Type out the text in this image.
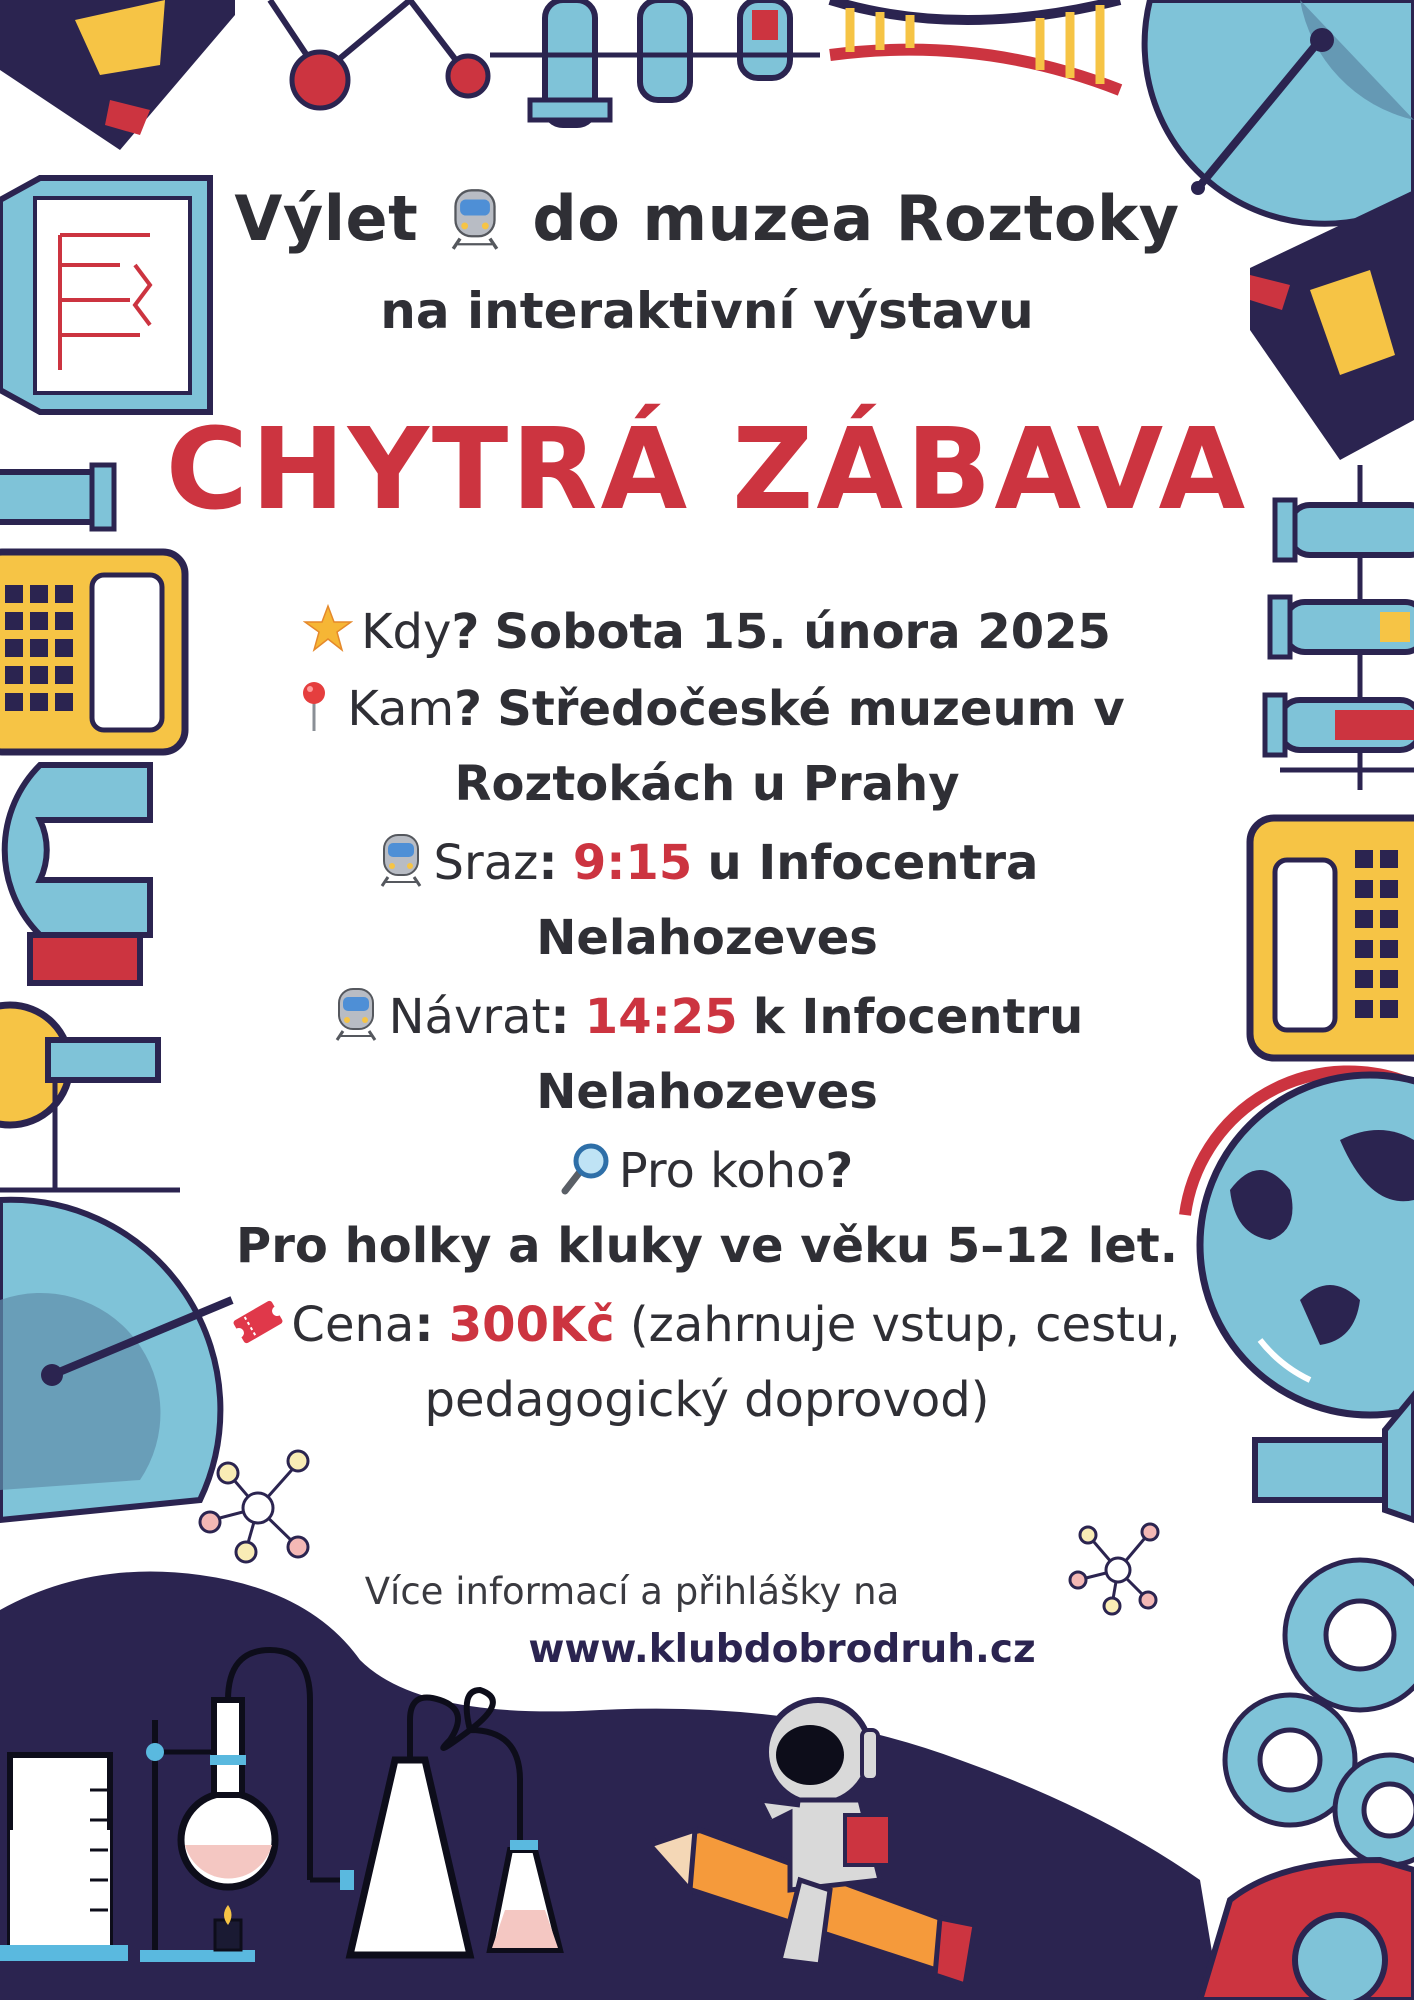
Výlet do muzea Roztoky
na interaktivní výstavu
CHYTRÁ ZÁBAVA
Kdy? Sobota 15. února 2025
Kam? Středočeské muzeum v
Roztokách u Prahy
Sraz: 9:15 u Infocentra
Nelahozeves
Návrat: 14:25 k Infocentru
Nelahozeves
Pro koho?
Pro holky a kluky ve věku 5–12 let.
Cena: 300Kč (zahrnuje vstup, cestu,
pedagogický doprovod)
Více informací a přihlášky na
www.klubdobrodruh.cz
